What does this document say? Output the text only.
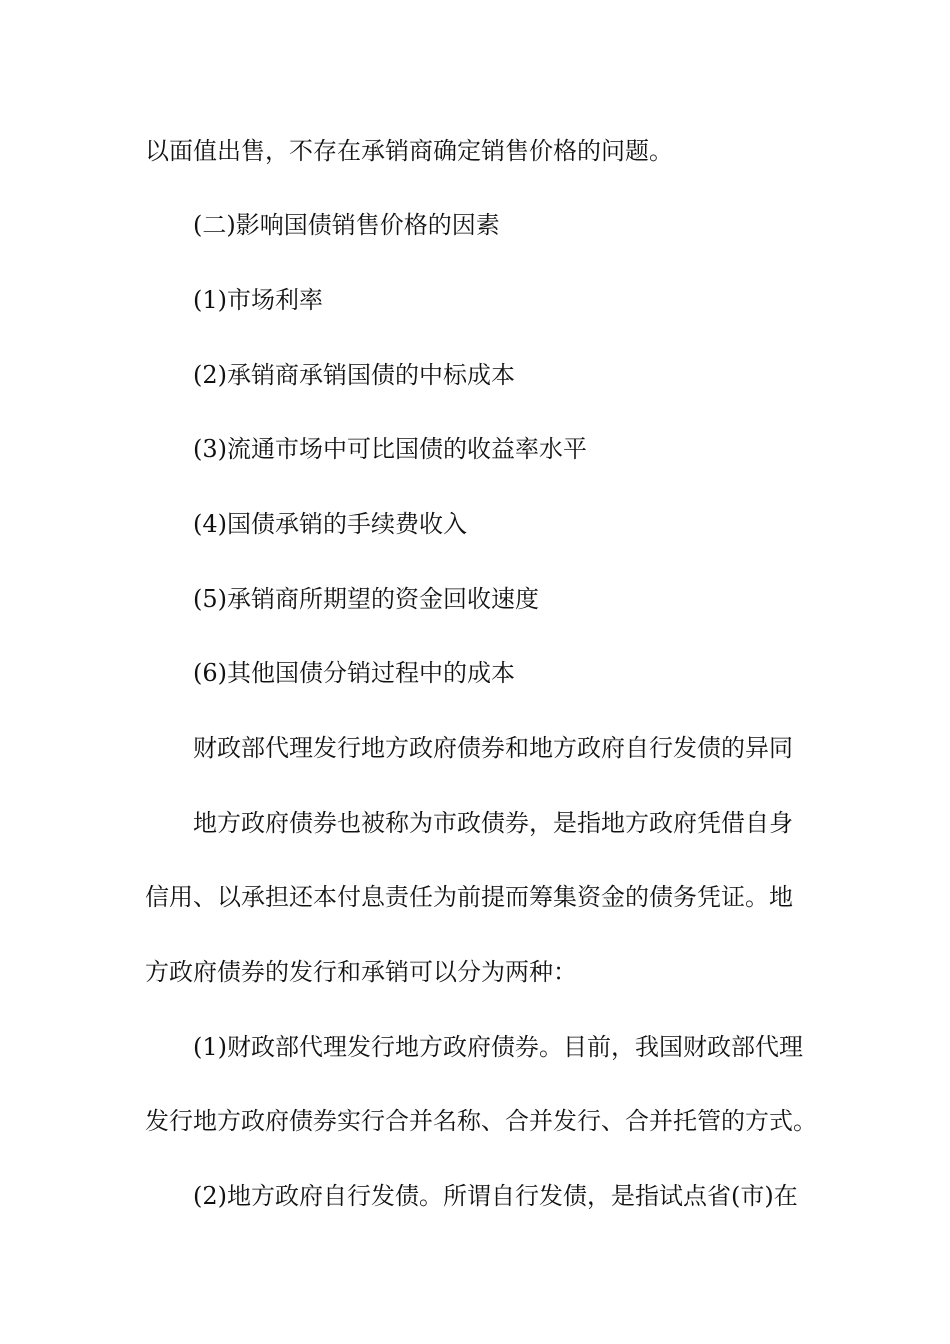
以面值出售，不存在承销商确定销售价格的问题。
(二)影响国债销售价格的因素
(1)市场利率
(2)承销商承销国债的中标成本
(3)流通市场中可比国债的收益率水平
(4)国债承销的手续费收入
(5)承销商所期望的资金回收速度
(6)其他国债分销过程中的成本
财政部代理发行地方政府债券和地方政府自行发债的异同
地方政府债券也被称为市政债券，是指地方政府凭借自身
信用、以承担还本付息责任为前提而筹集资金的债务凭证。地
方政府债券的发行和承销可以分为两种：
(1)财政部代理发行地方政府债券。目前，我国财政部代理
发行地方政府债券实行合并名称、合并发行、合并托管的方式。
(2)地方政府自行发债。所谓自行发债，是指试点省(市)在
